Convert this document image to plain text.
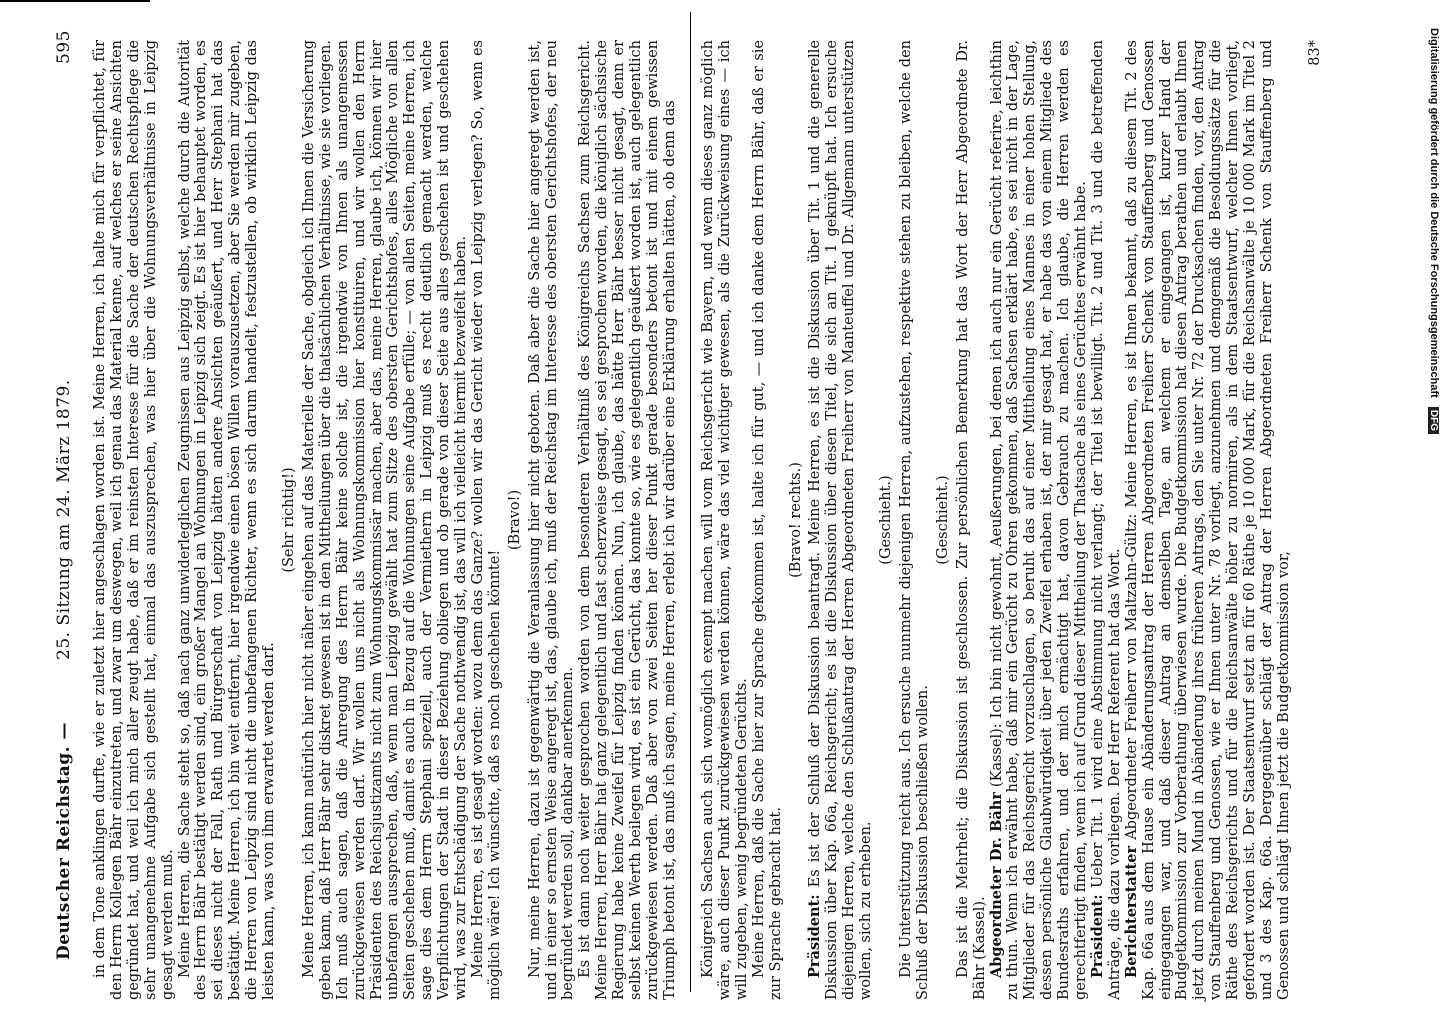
Deutscher Reichstag. —
25. Sitzung am 24. März 1879.
595 in dem Tone anklingen durfte, wie er zuletzt hier angeschlagen worden ist. Meine Herren, ich halte mich für verpflichtet, für den Herrn Kollegen Bähr einzutreten, und zwar um deswegen, weil ich genau das Material kenne, auf welches er seine Ansichten gegründet hat, und weil ich mich aller zeugt habe, daß er im reinsten Interesse für die Sache der deutschen Rechtspflege die sehr unangenehme Aufgabe sich gestellt hat, einmal das auszusprechen, was hier über die Wohnungsverhältnisse in Leipzig gesagt werden muß. Meine Herren, die Sache steht so, daß nach ganz unwiderleglichen Zeugnissen aus Leipzig selbst, welche durch die Autorität des Herrn Bähr bestätigt werden sind, ein großer Mangel an Wohnungen in Leipzig sich zeigt. Es ist hier behauptet worden, es sei dieses nicht der Fall, Rath und Bürgerschaft von Leipzig hätten andere Ansichten geäußert, und Herr Stephani hat das bestätigt. Meine Herren, ich bin weit entfernt, hier irgendwie einen bösen Willen vorauszusetzen, aber Sie werden mir zugeben, die Herren von Leipzig sind nicht die unbefangenen Richter, wenn es sich darum handelt, festzustellen, ob wirklich Leipzig das leisten kann, was von ihm erwartet werden darf.

(Sehr richtig!) Meine Herren, ich kann natürlich hier nicht näher eingehen auf das Materielle der Sache, obgleich ich Ihnen die Versicherung geben kann, daß Herr Bähr sehr diskret gewesen ist in den Mittheilungen über die thatsächlichen Verhältnisse, wie sie vorliegen. Ich muß auch sagen, daß die Anregung des Herrn Bähr keine solche ist, die irgendwie von Ihnen als unangemessen zurückgewiesen werden darf. Wir wollen uns nicht als Wohnungskommission hier konstituiren, und wir wollen den Herrn Präsidenten des Reichsjustizamts nicht zum Wohnungskommissär machen, aber das, meine Herren, glaube ich, können wir hier unbefangen aussprechen, daß, wenn man Leipzig gewählt hat zum Sitze des obersten Gerichtshofes, alles Mögliche von allen Seiten geschehen muß, damit es auch in Bezug auf die Wohnungen seine Aufgabe erfülle; — von allen Seiten, meine Herren, ich sage dies dem Herrn Stephani speziell, auch der Vermiethern in Leipzig muß es recht deutlich gemacht werden, welche Verpflichtungen der Stadt in dieser Beziehung obliegen und ob gerade von dieser Seite aus alles geschehen ist und geschehen wird, was zur Entschädigung der Sache nothwendig ist, das will ich vielleicht hiermit bezweifelt haben. Meine Herren, es ist gesagt worden: wozu denn das Ganze? wollen wir das Gericht wieder von Leipzig verlegen? So, wenn es möglich wäre! Ich wünschte, daß es noch geschehen könnte!

(Bravo!) Nur, meine Herren, dazu ist gegenwärtig die Veranlassung hier nicht geboten. Daß aber die Sache hier angeregt werden ist, und in einer so ernsten Weise angeregt ist, das, glaube ich, muß der Reichstag im Interesse des obersten Gerichtshofes, der neu begründet werden soll, dankbar anerkennen. Es ist dann noch weiter gesprochen worden von dem besonderen Verhältniß des Königreichs Sachsen zum Reichsgericht. Meine Herren, Herr Bähr hat ganz gelegentlich und fast scherzweise gesagt, es sei gesprochen worden, die königlich sächsische Regierung habe keine Zweifel für Leipzig finden können. Nun, ich glaube, das hätte Herr Bähr besser nicht gesagt, denn er selbst keinen Werth beilegen wird, es ist ein Gerücht, das konnte so, wie es gelegentlich geäußert worden ist, auch gelegentlich zurückgewiesen werden. Daß aber von zwei Seiten her dieser Punkt gerade besonders betont ist und mit einem gewissen Triumph betont ist, das muß ich sagen, meine Herren, erlebt ich wir darüber eine Erklärung erhalten hätten, ob denn das Königreich Sachsen auch sich womöglich exempt machen will vom Reichsgericht wie Bayern, und wenn dieses ganz möglich wäre, auch dieser Punkt zurückgewiesen werden können, wäre das viel wichtiger gewesen, als die Zurückweisung eines — ich will zugeben, wenig begründeten Gerüchts. Meine Herren, daß die Sache hier zur Sprache gekommen ist, halte ich für gut, — und ich danke dem Herrn Bähr, daß er sie zur Sprache gebracht hat.

(Bravo! rechts.)

Präsident: Es ist der Schluß der Diskussion beantragt. Meine Herren, es ist die Diskussion über Tit. 1 und die generelle Diskussion über Kap. 66a, Reichsgericht; es ist die Diskussion über diesen Titel, die sich an Tit. 1 geknüpft hat. Ich ersuche diejenigen Herren, welche den Schlußantrag der Herren Abgeordneten Freiherr von Manteuffel und Dr. Allgemann unterstützen wollen, sich zu erheben.

(Geschieht.) Die Unterstützung reicht aus. Ich ersuche nunmehr diejenigen Herren, aufzustehen, respektive stehen zu bleiben, welche den Schluß der Diskussion beschließen wollen.

(Geschieht.) Das ist die Mehrheit; die Diskussion ist geschlossen. Zur persönlichen Bemerkung hat das Wort der Herr Abgeordnete Dr. Bähr (Kassel). Abgeordneter Dr. Bähr (Kassel): Ich bin nicht gewohnt, Aeußerungen, bei denen ich auch nur ein Gerücht referire, leichthin zu thun. Wenn ich erwähnt habe, daß mir ein Gerücht zu Ohren gekommen, daß Sachsen erklärt habe, es sei nicht in der Lage, Mitglieder für das Reichsgericht vorzuschlagen, so beruht das auf einer Mittheilung eines Mannes in einer hohen Stellung, dessen persönliche Glaubwürdigkeit über jeden Zweifel erhaben ist, der mir gesagt hat, er habe das von einem Mitgliede des Bundesraths erfahren, und der mich ermächtigt hat, davon Gebrauch zu machen. Ich glaube, die Herren werden es gerechtfertigt finden, wenn ich auf Grund dieser Mittheilung der Thatsache als eines Gerüchtes erwähnt habe. Präsident: Ueber Tit. 1 wird eine Abstimmung nicht verlangt; der Titel ist bewilligt. Tit. 2 und Tit. 3 und die betreffenden Anträge, die dazu vorliegen. Der Herr Referent hat das Wort. Berichterstatter Abgeordneter Freiherr von Maltzahn-Gültz: Meine Herren, es ist Ihnen bekannt, daß zu diesem Tit. 2 des Kap. 66a aus dem Hause ein Abänderungsantrag der Herren Abgeordneten Freiherr Schenk von Stauffenberg und Genossen eingegangen war, und daß dieser Antrag an demselben Tage, an welchem er eingegangen ist, kurzer Hand der Budgetkommission zur Vorberathung überwiesen wurde. Die Budgetkommission hat diesen Antrag berathen und erlaubt Ihnen jetzt durch meinen Mund in Abänderung ihres früheren Antrags, den Sie unter Nr. 72 der Drucksachen finden, vor, den Antrag von Stauffenberg und Genossen, wie er Ihnen unter Nr. 78 vorliegt, anzunehmen und demgemäß die Besoldungssätze für die Räthe des Reichsgerichts und für die Reichsanwälte höher zu normiren, als in dem Staatsentwurf, welcher Ihnen vorliegt, gefordert worden ist. Der Staatsentwurf setzt an für 60 Räthe je 10 000 Mark, für die Reichsanwälte je 10 000 Mark im Titel 2 und 3 des Kap. 66a. Dergegenüber schlägt der Antrag der Herren Abgeordneten Freiherr Schenk von Stauffenberg und Genossen und schlägt Ihnen jetzt die Budgetkommission vor,

83*	Digitalisierung gefördert durch die Deutsche Forschungsgemeinschaft DFG
